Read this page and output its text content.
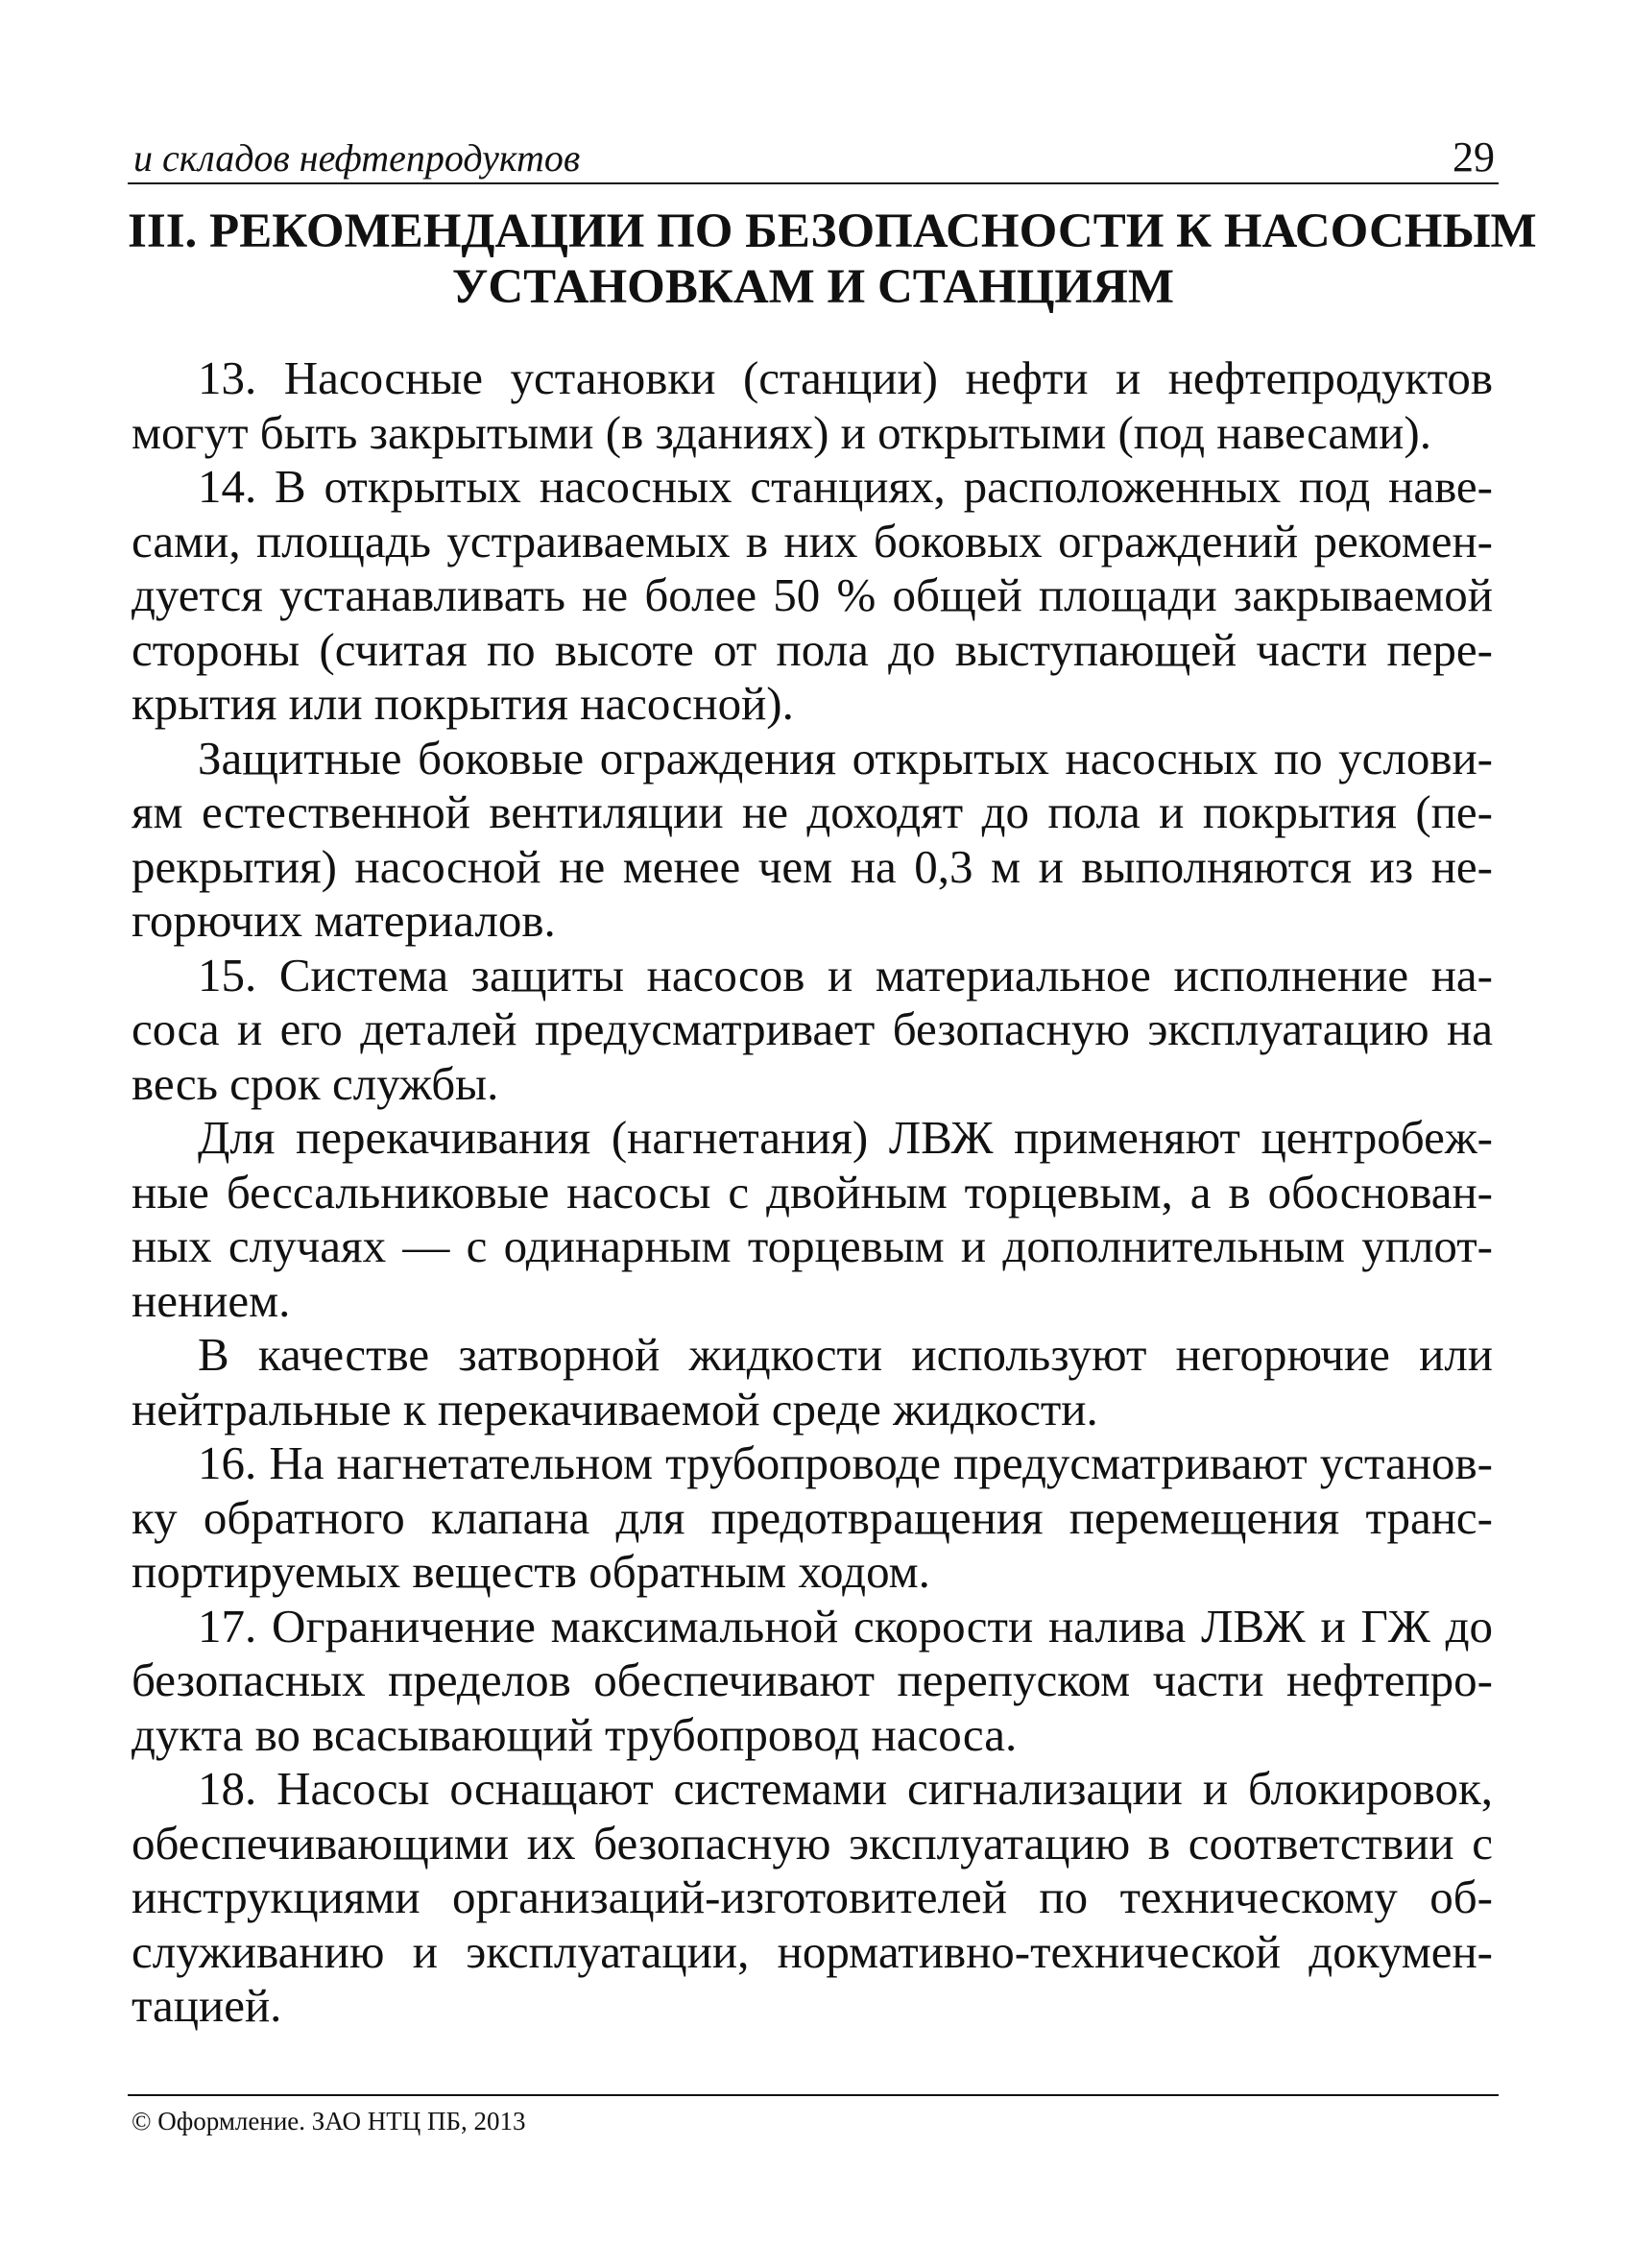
и складов нефтепродуктов	29
III. РЕКОМЕНДАЦИИ ПО БЕЗОПАСНОСТИ К НАСОСНЫМ
УСТАНОВКАМ И СТАНЦИЯМ
13. Насосные установки (станции) нефти и нефтепродуктов
могут быть закрытыми (в зданиях) и открытыми (под навесами).
14. В открытых насосных станциях, расположенных под наве-
сами, площадь устраиваемых в них боковых ограждений рекомен-
дуется устанавливать не более 50 % общей площади закрываемой
стороны (считая по высоте от пола до выступающей части пере-
крытия или покрытия насосной).
Защитные боковые ограждения открытых насосных по услови-
ям естественной вентиляции не доходят до пола и покрытия (пе-
рекрытия) насосной не менее чем на 0,3 м и выполняются из не-
горючих материалов.
15. Система защиты насосов и материальное исполнение на-
соса и его деталей предусматривает безопасную эксплуатацию на
весь срок службы.
Для перекачивания (нагнетания) ЛВЖ применяют центробеж-
ные бессальниковые насосы с двойным торцевым, а в обоснован-
ных случаях — с одинарным торцевым и дополнительным уплот-
нением.
В качестве затворной жидкости используют негорючие или
нейтральные к перекачиваемой среде жидкости.
16. На нагнетательном трубопроводе предусматривают установ-
ку обратного клапана для предотвращения перемещения транс-
портируемых веществ обратным ходом.
17. Ограничение максимальной скорости налива ЛВЖ и ГЖ до
безопасных пределов обеспечивают перепуском части нефтепро-
дукта во всасывающий трубопровод насоса.
18. Насосы оснащают системами сигнализации и блокировок,
обеспечивающими их безопасную эксплуатацию в соответствии с
инструкциями организаций-изготовителей по техническому об-
служиванию и эксплуатации, нормативно-технической докумен-
тацией.
© Оформление. ЗАО НТЦ ПБ, 2013
